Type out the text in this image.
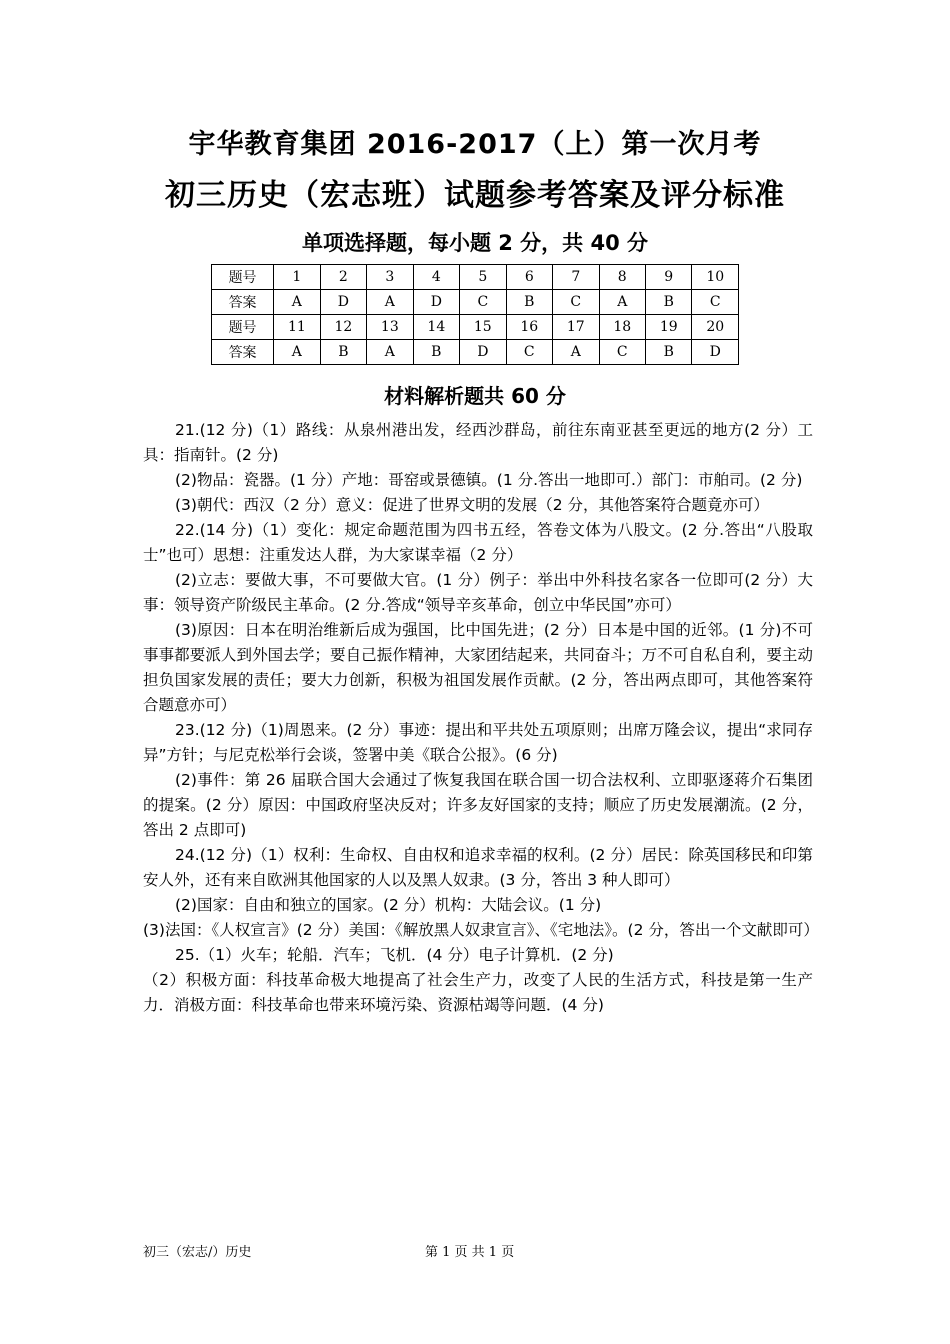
宇华教育集团 2016-2017（上）第一次月考
初三历史（宏志班）试题参考答案及评分标准
单项选择题，每小题 2 分，共 40 分
题号	1	2	3	4	5	6	7	8	9	10
答案	A	D	A	D	C	B	C	A	B	C
题号	11	12	13	14	15	16	17	18	19	20
答案	A	B	A	B	D	C	A	C	B	D
材料解析题共 60 分

21.(12 分)（1）路线：从泉州港出发，经西沙群岛，前往东南亚甚至更远的地方(2 分）工具：指南针。(2 分)

(2)物品：瓷器。(1 分）产地：哥窑或景德镇。(1 分.答出一地即可.）部门：市舶司。(2 分)

(3)朝代：西汉（2 分）意义：促进了世界文明的发展（2 分，其他答案符合题竟亦可）

22.(14 分)（1）变化：规定命题范围为四书五经，答卷文体为八股文。(2 分.答出“八股取士”也可）思想：注重发达人群，为大家谋幸福（2 分）

(2)立志：要做大事，不可要做大官。(1 分）例子：举出中外科技名家各一位即可(2 分）大事：领导资产阶级民主革命。(2 分.答成“领导辛亥革命，创立中华民国”亦可）

(3)原因：日本在明治维新后成为强国，比中国先进；(2 分）日本是中国的近邻。(1 分)不可事事都要派人到外国去学；要自己振作精神，大家团结起来，共同奋斗；万不可自私自利，要主动担负国家发展的责任；要大力创新，积极为祖国发展作贡献。(2 分，答出两点即可，其他答案符合题意亦可）

23.(12 分)（1)周恩来。(2 分）事迹：提出和平共处五项原则；出席万隆会议，提出“求同存异”方针；与尼克松举行会谈，签署中美《联合公报》。(6 分)

(2)事件：第 26 届联合国大会通过了恢复我国在联合国一切合法权利、立即驱逐蒋介石集团的提案。(2 分）原因：中国政府坚决反对；许多友好国家的支持；顺应了历史发展潮流。(2 分，答出 2 点即可)

24.(12 分)（1）权利：生命权、自由权和追求幸福的权利。(2 分）居民：除英国移民和印第安人外，还有来自欧洲其他国家的人以及黑人奴隶。(3 分，答出 3 种人即可）

(2)国家：自由和独立的国家。(2 分）机构：大陆会议。(1 分)

(3)法国：《人权宣言》(2 分）美国：《解放黑人奴隶宣言》、《宅地法》。(2 分，答出一个文献即可）

25.（1）火车；轮船．汽车；飞机．(4 分）电子计算机．(2 分)

（2）积极方面：科技革命极大地提高了社会生产力，改变了人民的生活方式，科技是第一生产力．消极方面：科技革命也带来环境污染、资源枯竭等问题．(4 分)

初三（宏志/）历史	第 1 页 共 1 页
